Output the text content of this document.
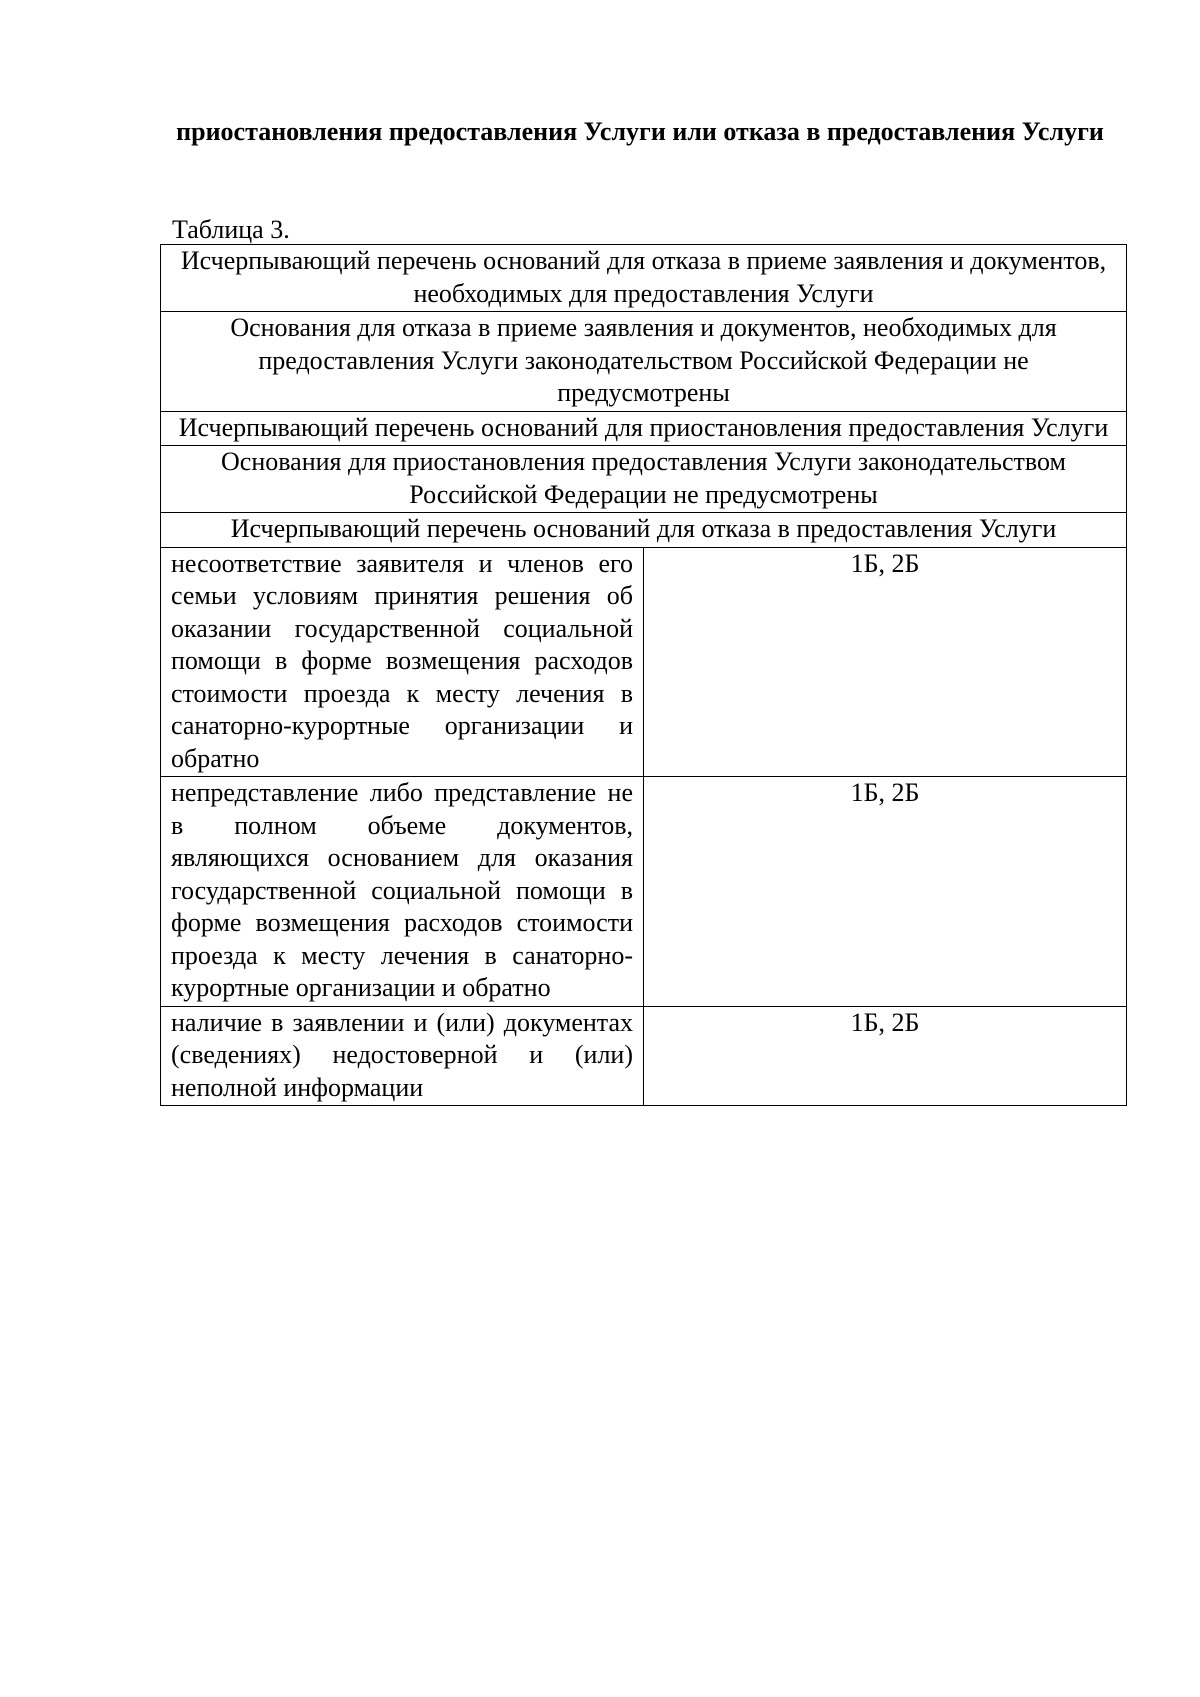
приостановления предоставления Услуги или отказа в предоставления Услуги

Таблица 3.

Исчерпывающий перечень оснований для отказа в приеме заявления и документов, необходимых для предоставления Услуги	
Основания для отказа в приеме заявления и документов, необходимых для предоставления Услуги законодательством Российской Федерации не предусмотрены	
Исчерпывающий перечень оснований для приостановления предоставления Услуги	
Основания для приостановления предоставления Услуги законодательством Российской Федерации не предусмотрены	
Исчерпывающий перечень оснований для отказа в предоставления Услуги	
несоответствие заявителя и членов его семьи условиям принятия решения об оказании государственной социальной помощи в форме возмещения расходов стоимости проезда к месту лечения в санаторно-курортные организации и обратно	1Б, 2Б
непредставление либо представление не в полном объеме документов, являющихся основанием для оказания государственной социальной помощи в форме возмещения расходов стоимости проезда к месту лечения в санаторно-курортные организации и обратно	1Б, 2Б
наличие в заявлении и (или) документах (сведениях) недостоверной и (или) неполной информации	1Б, 2Б
